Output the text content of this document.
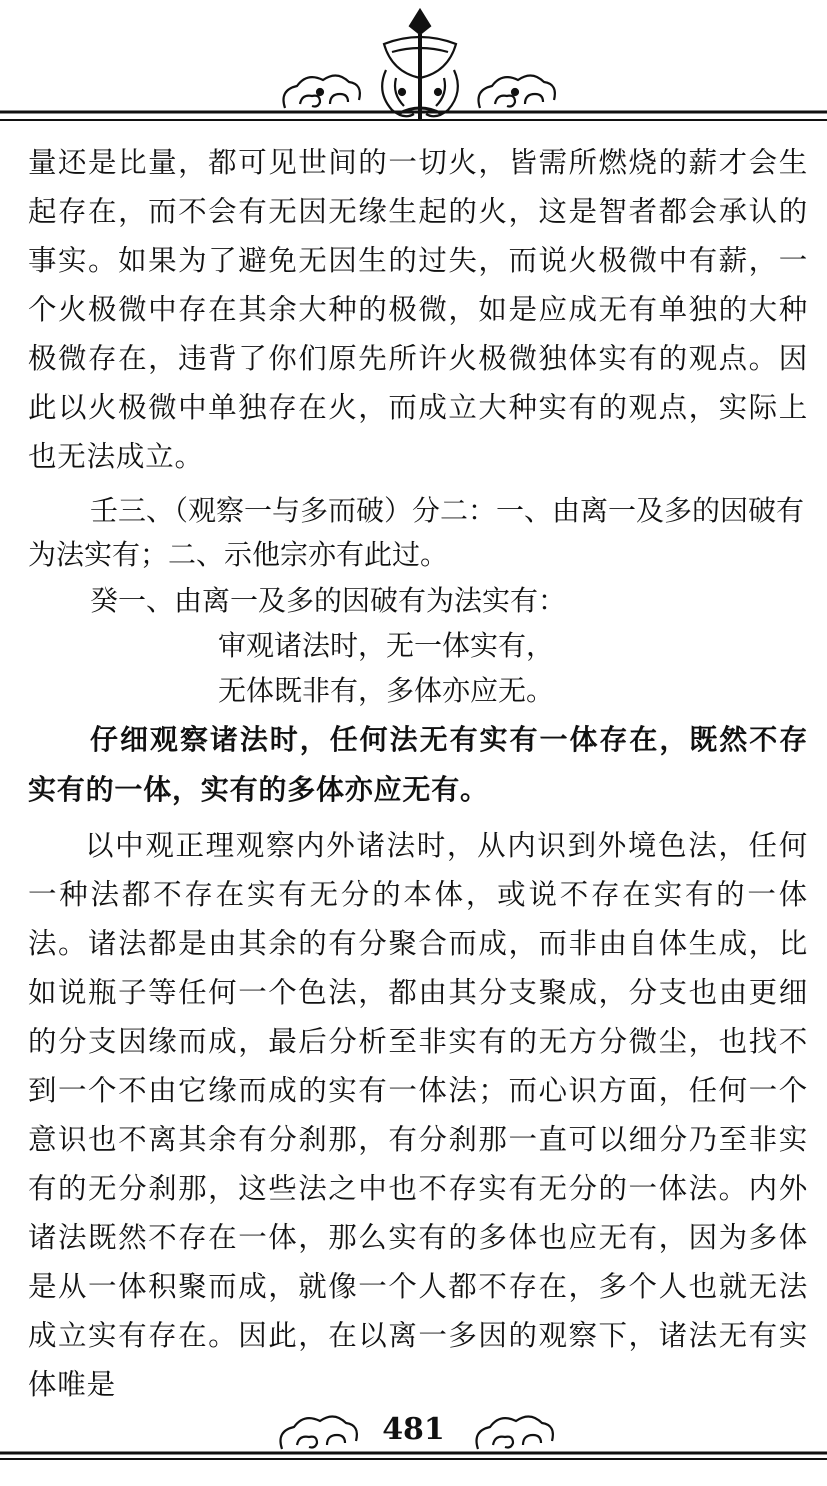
量还是比量，都可见世间的一切火，皆需所燃烧的薪才会生起存在，而不会有无因无缘生起的火，这是智者都会承认的事实。如果为了避免无因生的过失，而说火极微中有薪，一个火极微中存在其余大种的极微，如是应成无有单独的大种极微存在，违背了你们原先所许火极微独体实有的观点。因此以火极微中单独存在火，而成立大种实有的观点，实际上也无法成立。

壬三、（观察一与多而破）分二：一、由离一及多的因破有为法实有；二、示他宗亦有此过。

癸一、由离一及多的因破有为法实有：

审观诸法时，无一体实有，

无体既非有，多体亦应无。

仔细观察诸法时，任何法无有实有一体存在，既然不存实有的一体，实有的多体亦应无有。

以中观正理观察内外诸法时，从内识到外境色法，任何一种法都不存在实有无分的本体，或说不存在实有的一体法。诸法都是由其余的有分聚合而成，而非由自体生成，比如说瓶子等任何一个色法，都由其分支聚成，分支也由更细的分支因缘而成，最后分析至非实有的无方分微尘，也找不到一个不由它缘而成的实有一体法；而心识方面，任何一个意识也不离其余有分刹那，有分刹那一直可以细分乃至非实有的无分刹那，这些法之中也不存实有无分的一体法。内外诸法既然不存在一体，那么实有的多体也应无有，因为多体是从一体积聚而成，就像一个人都不存在，多个人也就无法成立实有存在。因此，在以离一多因的观察下，诸法无有实体唯是

481
